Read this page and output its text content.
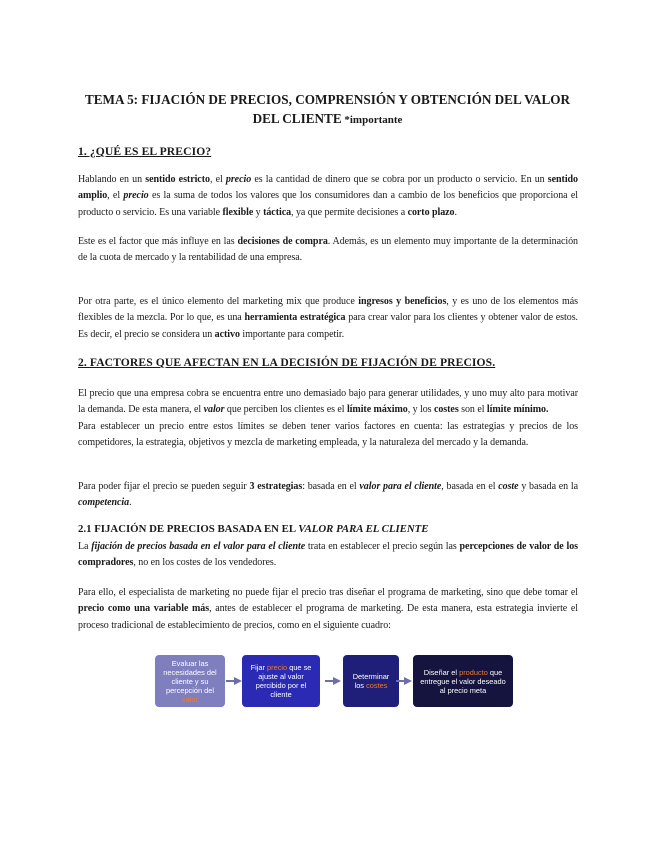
TEMA 5: FIJACIÓN DE PRECIOS, COMPRENSIÓN Y OBTENCIÓN DEL VALOR DEL CLIENTE *importante
1. ¿QUÉ ES EL PRECIO?

Hablando en un sentido estricto, el precio es la cantidad de dinero que se cobra por un producto o servicio. En un sentido amplio, el precio es la suma de todos los valores que los consumidores dan a cambio de los beneficios que proporciona el producto o servicio. Es una variable flexible y táctica, ya que permite decisiones a corto plazo.

Este es el factor que más influye en las decisiones de compra. Además, es un elemento muy importante de la determinación de la cuota de mercado y la rentabilidad de una empresa.

Por otra parte, es el único elemento del marketing mix que produce ingresos y beneficios, y es uno de los elementos más flexibles de la mezcla. Por lo que, es una herramienta estratégica para crear valor para los clientes y obtener valor de estos. Es decir, el precio se considera un activo importante para competir.

2. FACTORES QUE AFECTAN EN LA DECISIÓN DE FIJACIÓN DE PRECIOS.

El precio que una empresa cobra se encuentra entre uno demasiado bajo para generar utilidades, y uno muy alto para motivar la demanda. De esta manera, el valor que perciben los clientes es el límite máximo, y los costes son el límite mínimo.
Para establecer un precio entre estos límites se deben tener varios factores en cuenta: las estrategias y precios de los competidores, la estrategia, objetivos y mezcla de marketing empleada, y la naturaleza del mercado y la demanda.

Para poder fijar el precio se pueden seguir 3 estrategias: basada en el valor para el cliente, basada en el coste y basada en la competencia.

2.1 FIJACIÓN DE PRECIOS BASADA EN EL VALOR PARA EL CLIENTE

La fijación de precios basada en el valor para el cliente trata en establecer el precio según las percepciones de valor de los compradores, no en los costes de los vendedores.

Para ello, el especialista de marketing no puede fijar el precio tras diseñar el programa de marketing, sino que debe tomar el precio como una variable más, antes de establecer el programa de marketing. De esta manera, esta estrategia invierte el proceso tradicional de establecimiento de precios, como en el siguiente cuadro:

Evaluar las necesidades del cliente y su percepción del valor
Fijar precio que se ajuste al valor percibido por el cliente
Determinar los costes
Diseñar el producto que entregue el valor deseado al precio meta
